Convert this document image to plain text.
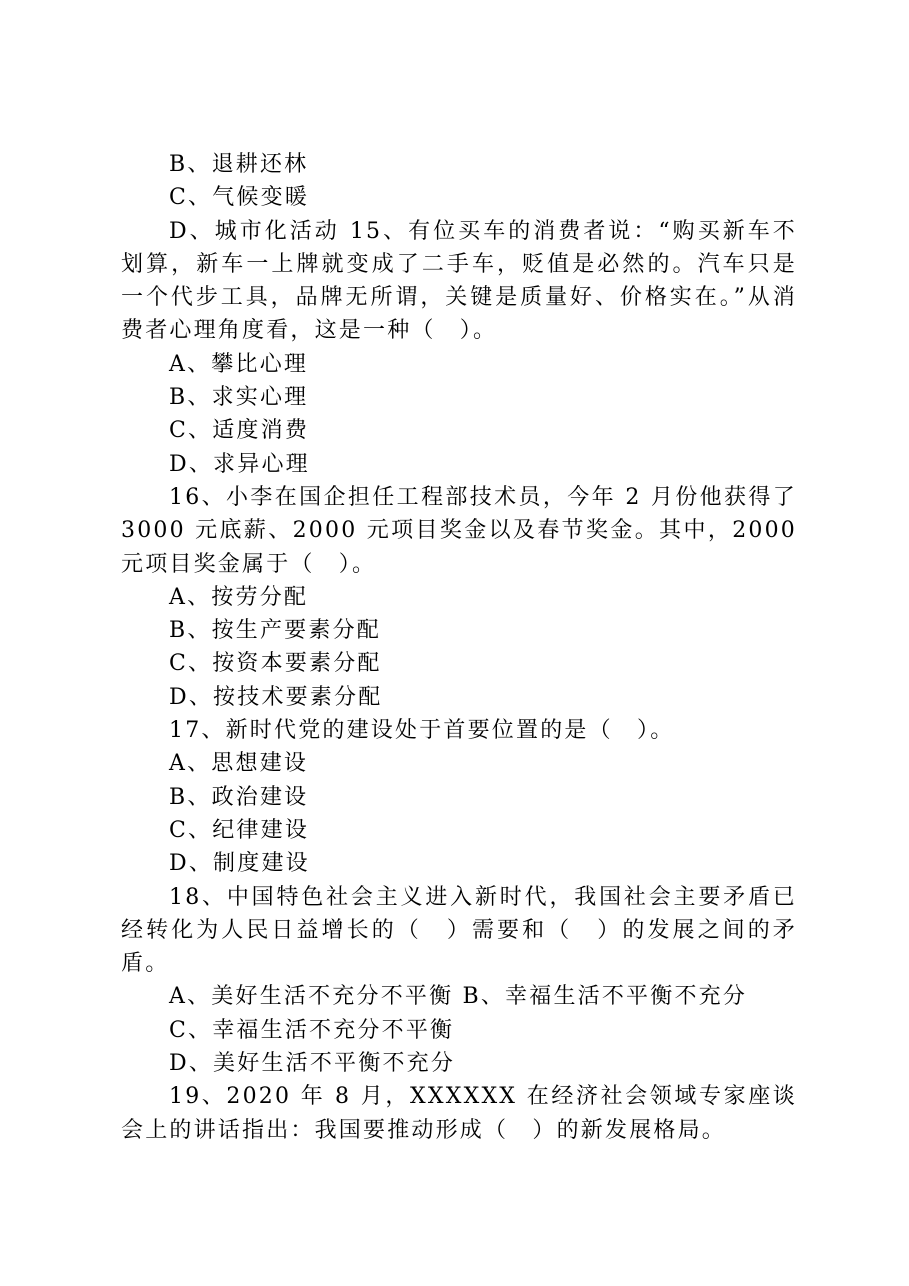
B、退耕还林

C、气候变暖

D、城市化活动 15、有位买车的消费者说：“购买新车不划算，新车一上牌就变成了二手车，贬值是必然的。汽车只是一个代步工具，品牌无所谓，关键是质量好、价格实在。”从消费者心理角度看，这是一种（　）。

A、攀比心理

B、求实心理

C、适度消费

D、求异心理

16、小李在国企担任工程部技术员，今年 2 月份他获得了 3000 元底薪、2000 元项目奖金以及春节奖金。其中，2000 元项目奖金属于（　）。

A、按劳分配

B、按生产要素分配

C、按资本要素分配

D、按技术要素分配

17、新时代党的建设处于首要位置的是（　）。

A、思想建设

B、政治建设

C、纪律建设

D、制度建设

18、中国特色社会主义进入新时代，我国社会主要矛盾已经转化为人民日益增长的（　）需要和（　）的发展之间的矛盾。

A、美好生活不充分不平衡 B、幸福生活不平衡不充分

C、幸福生活不充分不平衡

D、美好生活不平衡不充分

19、2020 年 8 月，XXXXXX 在经济社会领域专家座谈会上的讲话指出：我国要推动形成（　）的新发展格局。
